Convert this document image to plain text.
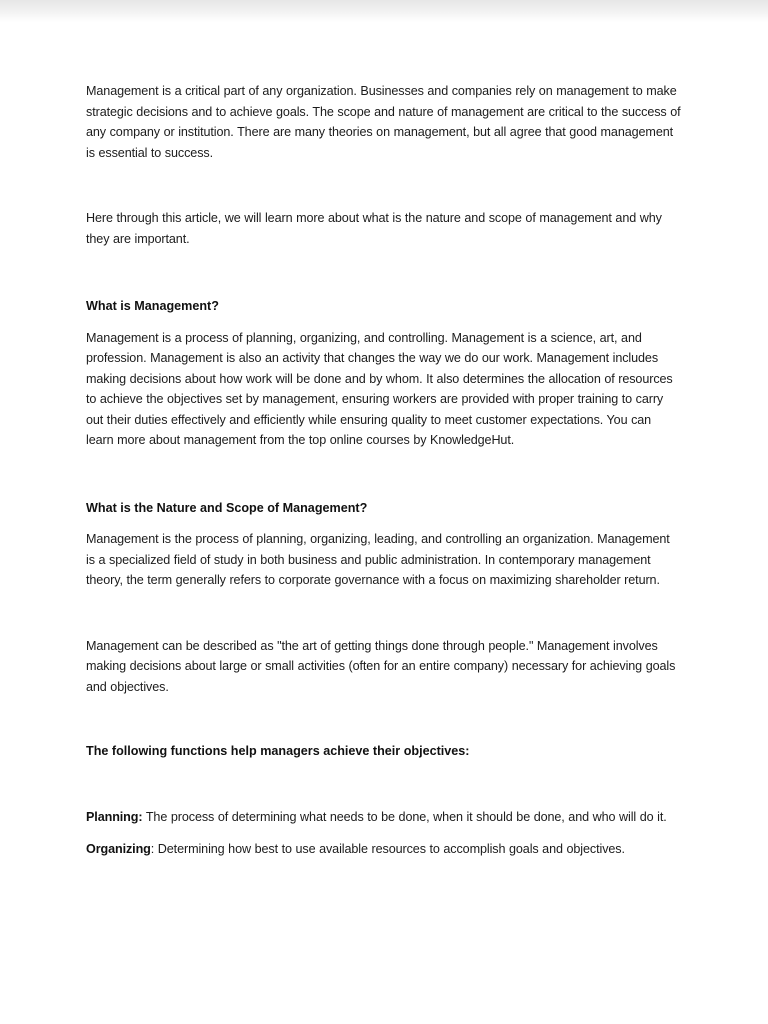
Management is a critical part of any organization. Businesses and companies rely on management to make strategic decisions and to achieve goals. The scope and nature of management are critical to the success of any company or institution. There are many theories on management, but all agree that good management is essential to success.

Here through this article, we will learn more about what is the nature and scope of management and why they are important.

What is Management?

Management is a process of planning, organizing, and controlling. Management is a science, art, and profession. Management is also an activity that changes the way we do our work. Management includes making decisions about how work will be done and by whom. It also determines the allocation of resources to achieve the objectives set by management, ensuring workers are provided with proper training to carry out their duties effectively and efficiently while ensuring quality to meet customer expectations. You can learn more about management from the top online courses by KnowledgeHut.

What is the Nature and Scope of Management?

Management is the process of planning, organizing, leading, and controlling an organization. Management is a specialized field of study in both business and public administration. In contemporary management theory, the term generally refers to corporate governance with a focus on maximizing shareholder return.

Management can be described as "the art of getting things done through people." Management involves making decisions about large or small activities (often for an entire company) necessary for achieving goals and objectives.

The following functions help managers achieve their objectives:

Planning: The process of determining what needs to be done, when it should be done, and who will do it.

Organizing: Determining how best to use available resources to accomplish goals and objectives.
